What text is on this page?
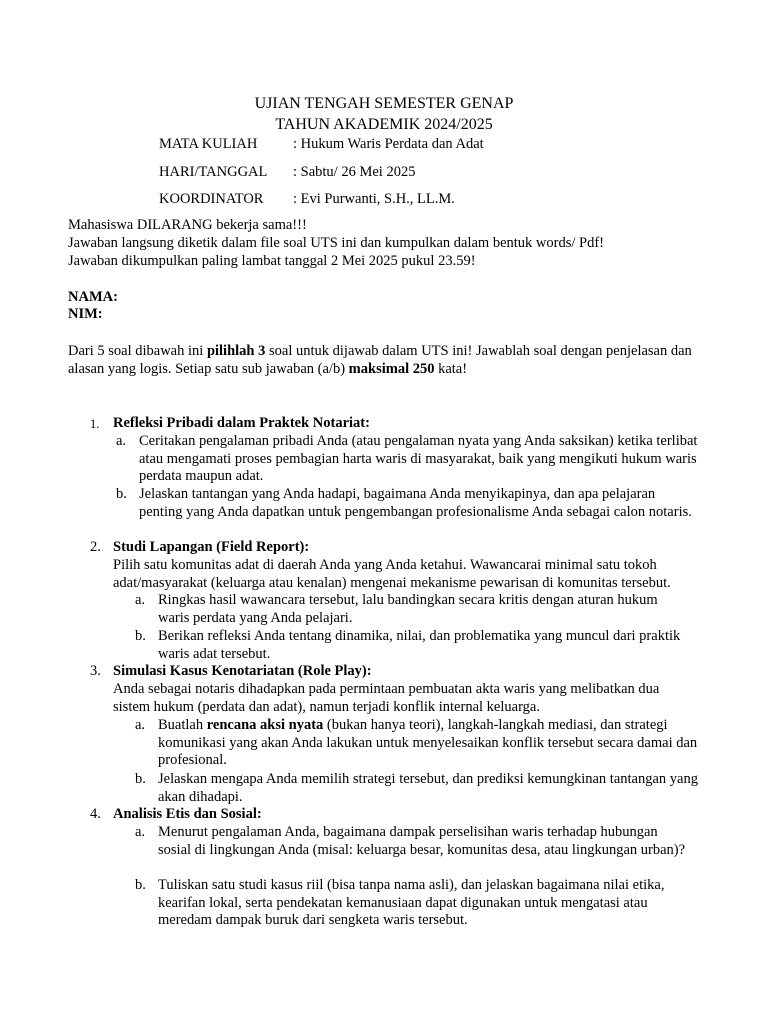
UJIAN TENGAH SEMESTER GENAP
TAHUN AKADEMIK 2024/2025
MATA KULIAH : Hukum Waris Perdata dan Adat
HARI/TANGGAL : Sabtu/ 26 Mei 2025
KOORDINATOR : Evi Purwanti, S.H., LL.M.
Mahasiswa DILARANG bekerja sama!!!
Jawaban langsung diketik dalam file soal UTS ini dan kumpulkan dalam bentuk words/ Pdf!
Jawaban dikumpulkan paling lambat tanggal 2 Mei 2025 pukul 23.59!
NAMA:
NIM:
Dari 5 soal dibawah ini pilihlah 3 soal untuk dijawab dalam UTS ini! Jawablah soal dengan penjelasan dan alasan yang logis. Setiap satu sub jawaban (a/b) maksimal 250 kata!
1. Refleksi Pribadi dalam Praktek Notariat:
a. Ceritakan pengalaman pribadi Anda (atau pengalaman nyata yang Anda saksikan) ketika terlibat atau mengamati proses pembagian harta waris di masyarakat, baik yang mengikuti hukum waris perdata maupun adat.
b. Jelaskan tantangan yang Anda hadapi, bagaimana Anda menyikapinya, dan apa pelajaran penting yang Anda dapatkan untuk pengembangan profesionalisme Anda sebagai calon notaris.
2. Studi Lapangan (Field Report):
Pilih satu komunitas adat di daerah Anda yang Anda ketahui. Wawancarai minimal satu tokoh adat/masyarakat (keluarga atau kenalan) mengenai mekanisme pewarisan di komunitas tersebut.
a. Ringkas hasil wawancara tersebut, lalu bandingkan secara kritis dengan aturan hukum waris perdata yang Anda pelajari.
b. Berikan refleksi Anda tentang dinamika, nilai, dan problematika yang muncul dari praktik waris adat tersebut.
3. Simulasi Kasus Kenotariatan (Role Play):
Anda sebagai notaris dihadapkan pada permintaan pembuatan akta waris yang melibatkan dua sistem hukum (perdata dan adat), namun terjadi konflik internal keluarga.
a. Buatlah rencana aksi nyata (bukan hanya teori), langkah-langkah mediasi, dan strategi komunikasi yang akan Anda lakukan untuk menyelesaikan konflik tersebut secara damai dan profesional.
b. Jelaskan mengapa Anda memilih strategi tersebut, dan prediksi kemungkinan tantangan yang akan dihadapi.
4. Analisis Etis dan Sosial:
a. Menurut pengalaman Anda, bagaimana dampak perselisihan waris terhadap hubungan sosial di lingkungan Anda (misal: keluarga besar, komunitas desa, atau lingkungan urban)?
b. Tuliskan satu studi kasus riil (bisa tanpa nama asli), dan jelaskan bagaimana nilai etika, kearifan lokal, serta pendekatan kemanusiaan dapat digunakan untuk mengatasi atau meredam dampak buruk dari sengketa waris tersebut.
